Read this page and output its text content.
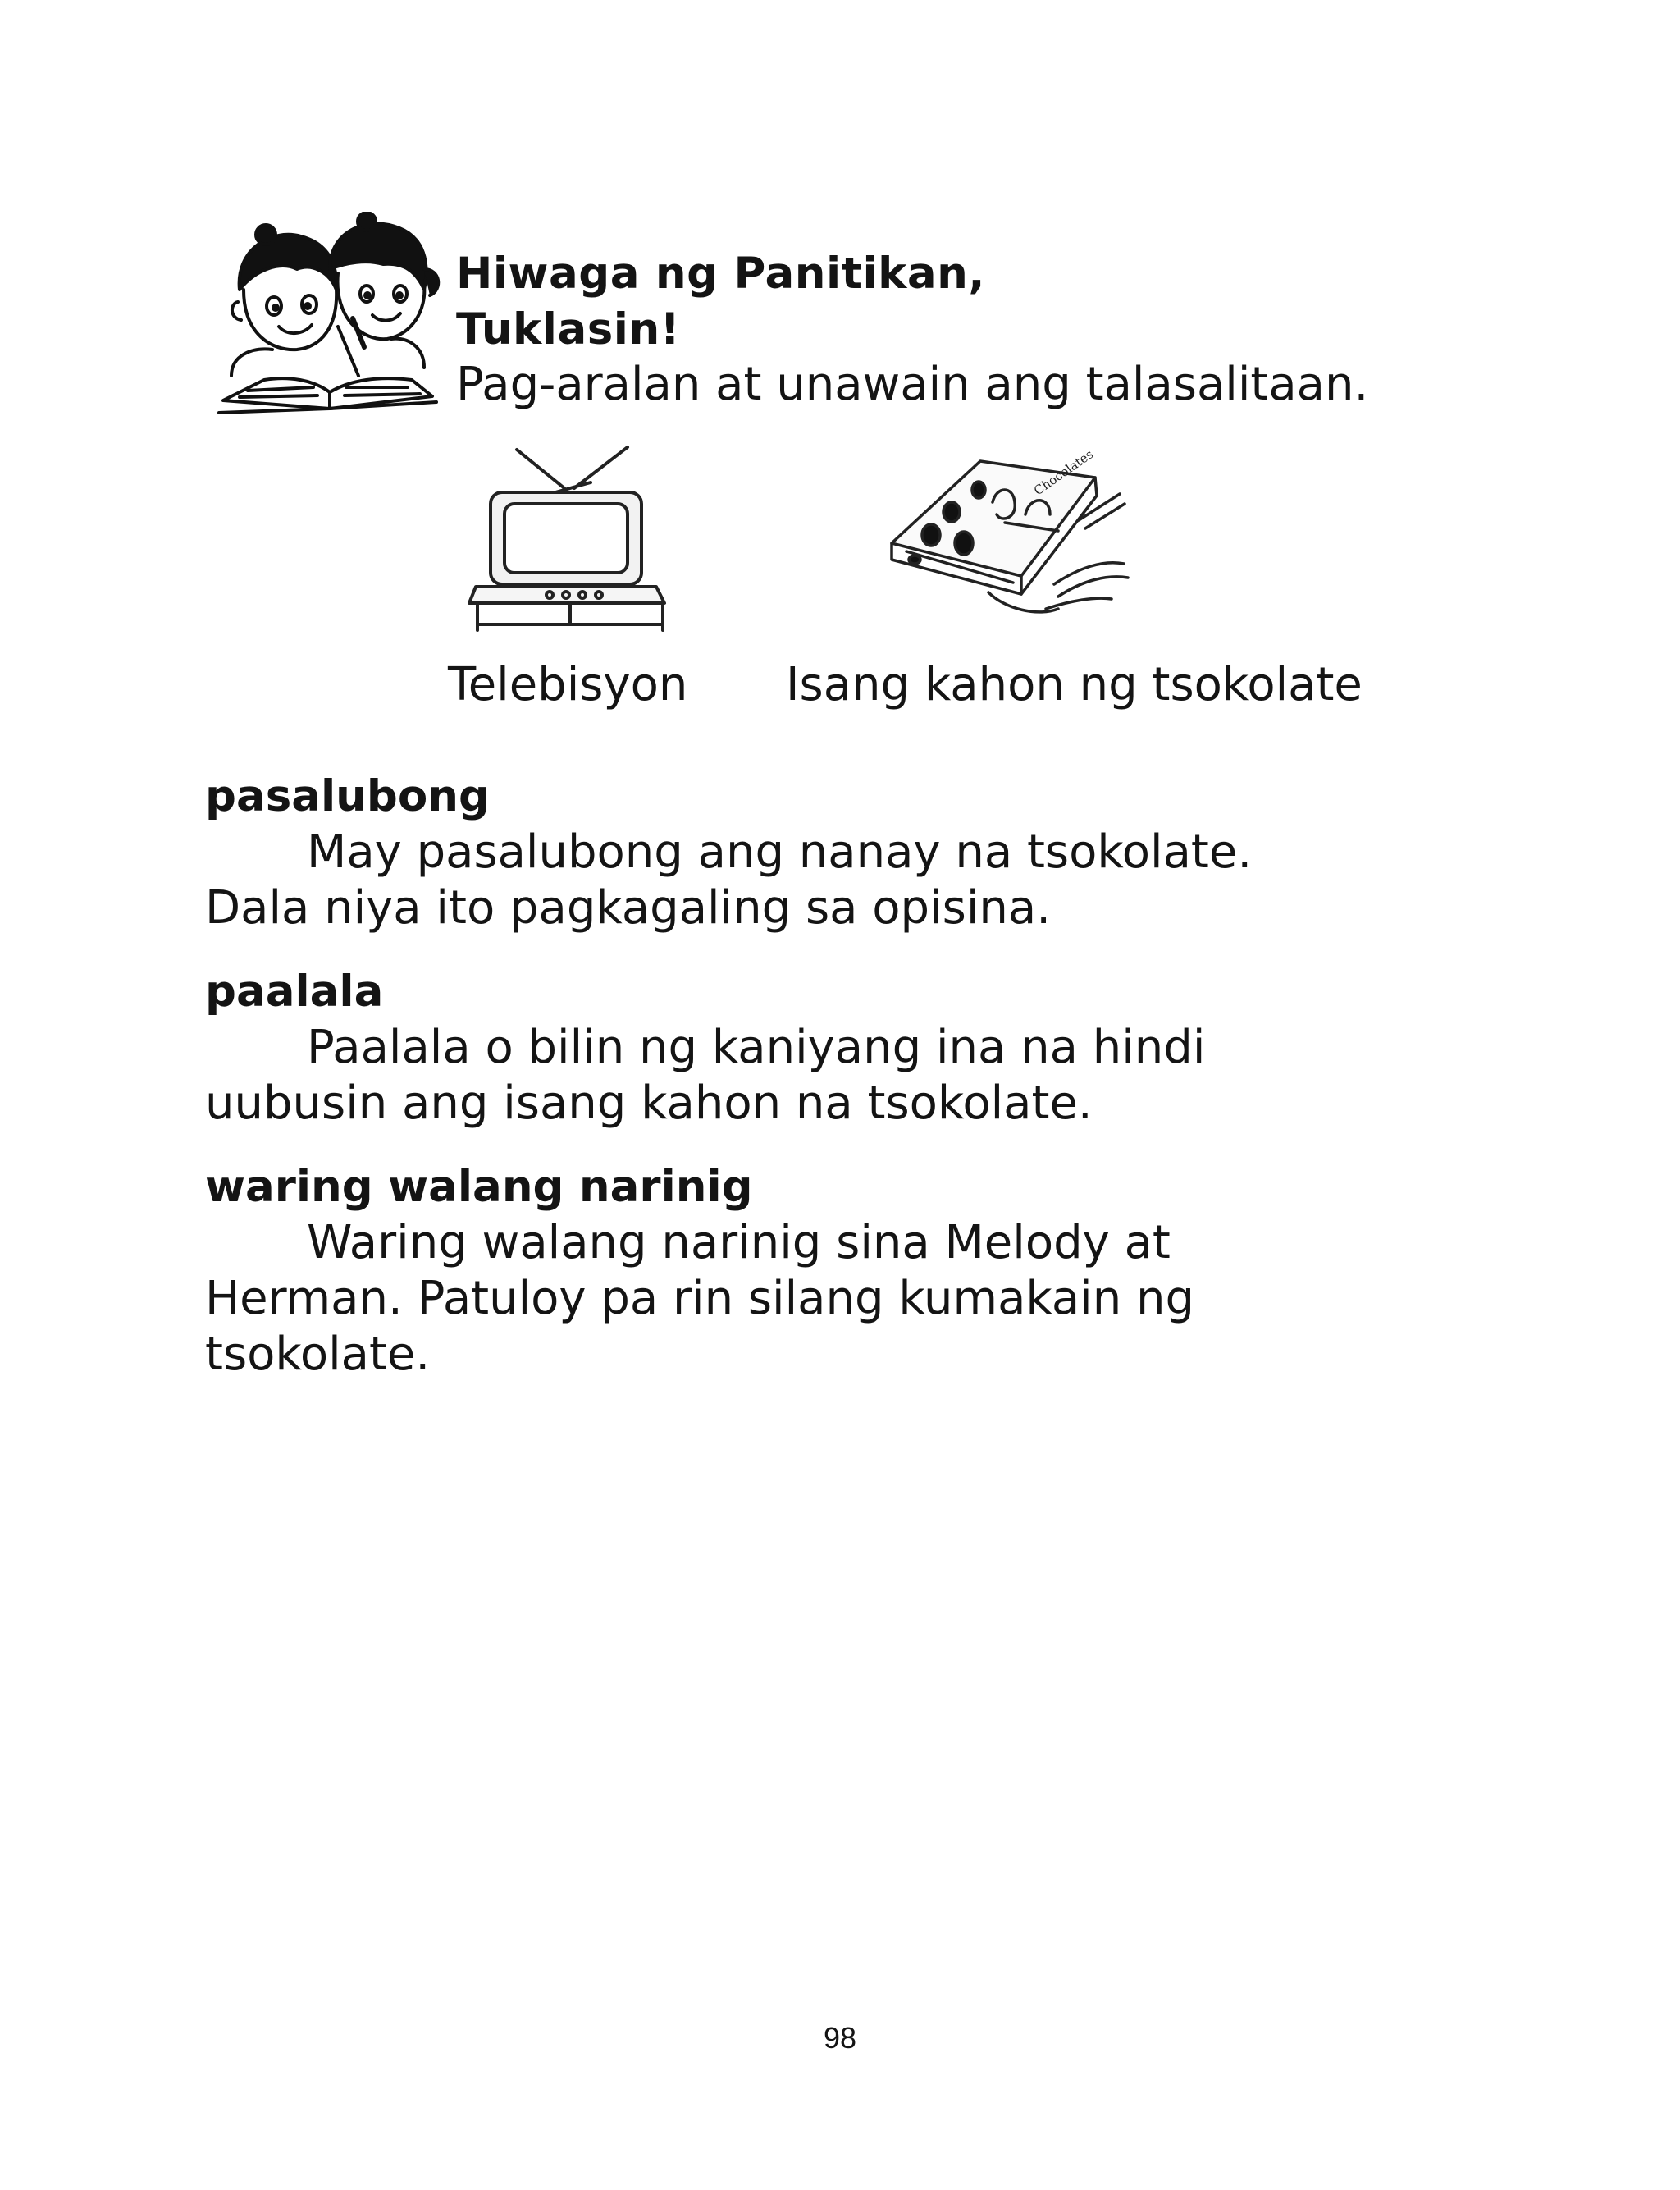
Hiwaga ng Panitikan,
Tuklasin!
Pag-aralan at unawain ang talasalitaan.
Chocolates
Telebisyon Isang kahon ng tsokolate
pasalubong
May pasalubong ang nanay na tsokolate.
Dala niya ito pagkagaling sa opisina.
paalala
Paalala o bilin ng kaniyang ina na hindi
uubusin ang isang kahon na tsokolate.
waring walang narinig
Waring walang narinig sina Melody at
Herman. Patuloy pa rin silang kumakain ng
tsokolate.
98
